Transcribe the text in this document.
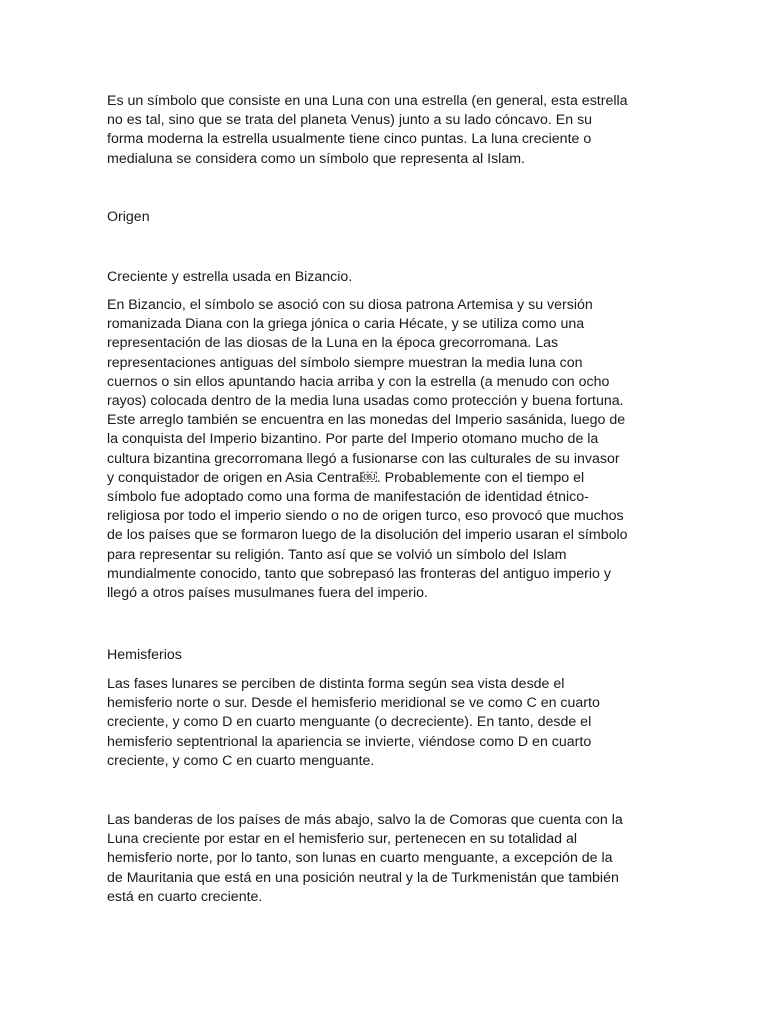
Es un símbolo que consiste en una Luna con una estrella (en general, esta estrella
no es tal, sino que se trata del planeta Venus) junto a su lado cóncavo. En su
forma moderna la estrella usualmente tiene cinco puntas. La luna creciente o
medialuna se considera como un símbolo que representa al Islam.

Origen

Creciente y estrella usada en Bizancio.

En Bizancio, el símbolo se asoció con su diosa patrona Artemisa y su versión
romanizada Diana con la griega jónica o caria Hécate, y se utiliza como una
representación de las diosas de la Luna en la época grecorromana. Las
representaciones antiguas del símbolo siempre muestran la media luna con
cuernos o sin ellos apuntando hacia arriba y con la estrella (a menudo con ocho
rayos) colocada dentro de la media luna usadas como protección y buena fortuna.
Este arreglo también se encuentra en las monedas del Imperio sasánida, luego de
la conquista del Imperio bizantino. Por parte del Imperio otomano mucho de la
cultura bizantina grecorromana llegó a fusionarse con las culturales de su invasor
y conquistador de origen en Asia Central￼. Probablemente con el tiempo el
símbolo fue adoptado como una forma de manifestación de identidad étnico-
religiosa por todo el imperio siendo o no de origen turco, eso provocó que muchos
de los países que se formaron luego de la disolución del imperio usaran el símbolo
para representar su religión. Tanto así que se volvió un símbolo del Islam
mundialmente conocido, tanto que sobrepasó las fronteras del antiguo imperio y
llegó a otros países musulmanes fuera del imperio.

Hemisferios

Las fases lunares se perciben de distinta forma según sea vista desde el
hemisferio norte o sur. Desde el hemisferio meridional se ve como C en cuarto
creciente, y como D en cuarto menguante (o decreciente). En tanto, desde el
hemisferio septentrional la apariencia se invierte, viéndose como D en cuarto
creciente, y como C en cuarto menguante.

Las banderas de los países de más abajo, salvo la de Comoras que cuenta con la
Luna creciente por estar en el hemisferio sur, pertenecen en su totalidad al
hemisferio norte, por lo tanto, son lunas en cuarto menguante, a excepción de la
de Mauritania que está en una posición neutral y la de Turkmenistán que también
está en cuarto creciente.
